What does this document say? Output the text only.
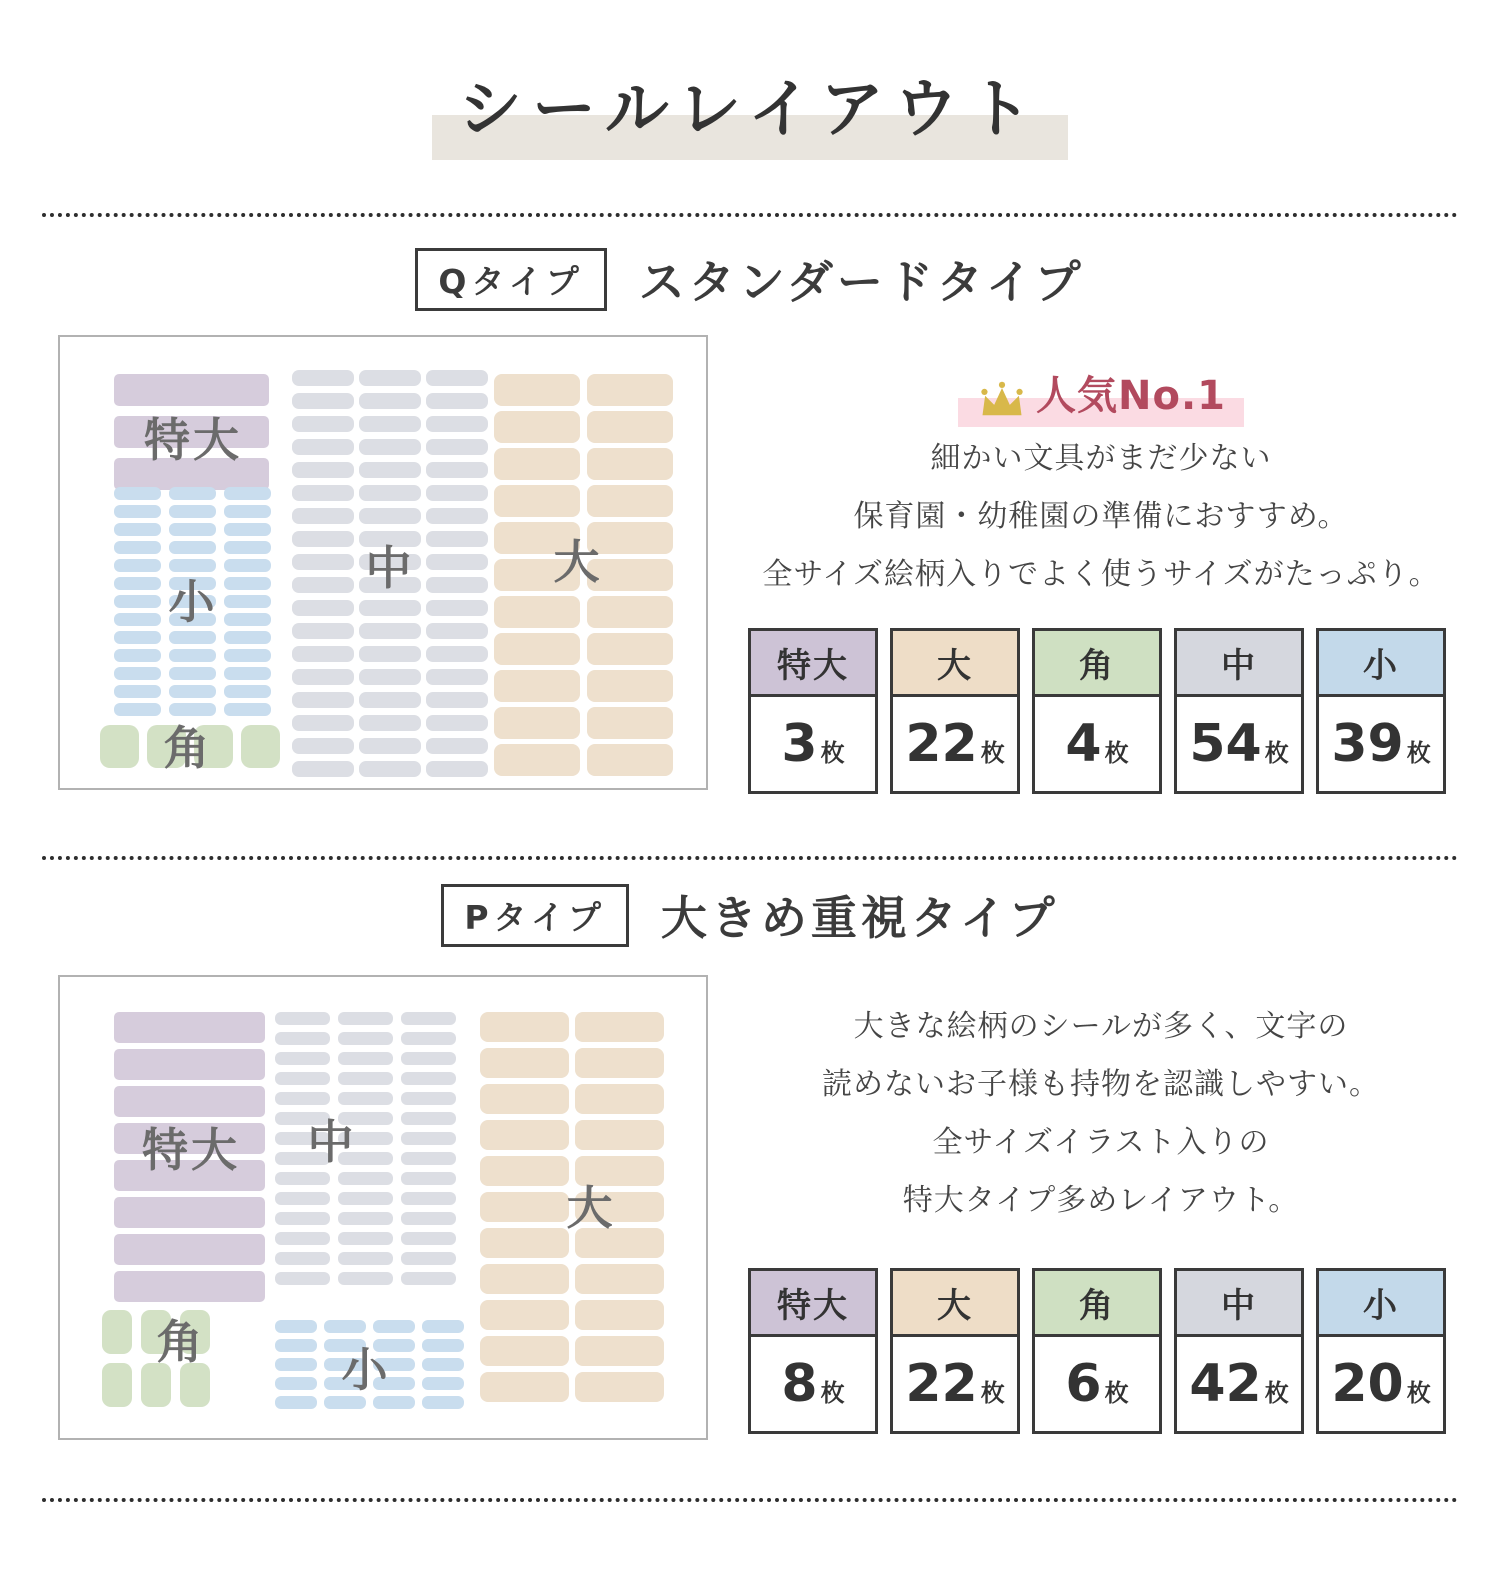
シールレイアウト
Qタイプ	スタンダードタイプ
特大
小
角
中	大
人気No.1
細かい文具がまだ少ない
保育園・幼稚園の準備におすすめ。
全サイズ絵柄入りでよく使うサイズがたっぷり。
特大
3 枚
大
22 枚
角
4 枚
中
54 枚
小
39 枚
Pタイプ	大きめ重視タイプ
特大 中
大
角
小
大きな絵柄のシールが多く、文字の
読めないお子様も持物を認識しやすい。
全サイズイラスト入りの
特大タイプ多めレイアウト。
特大
8 枚
大
22 枚
角
6 枚
中
42 枚
小
20 枚
